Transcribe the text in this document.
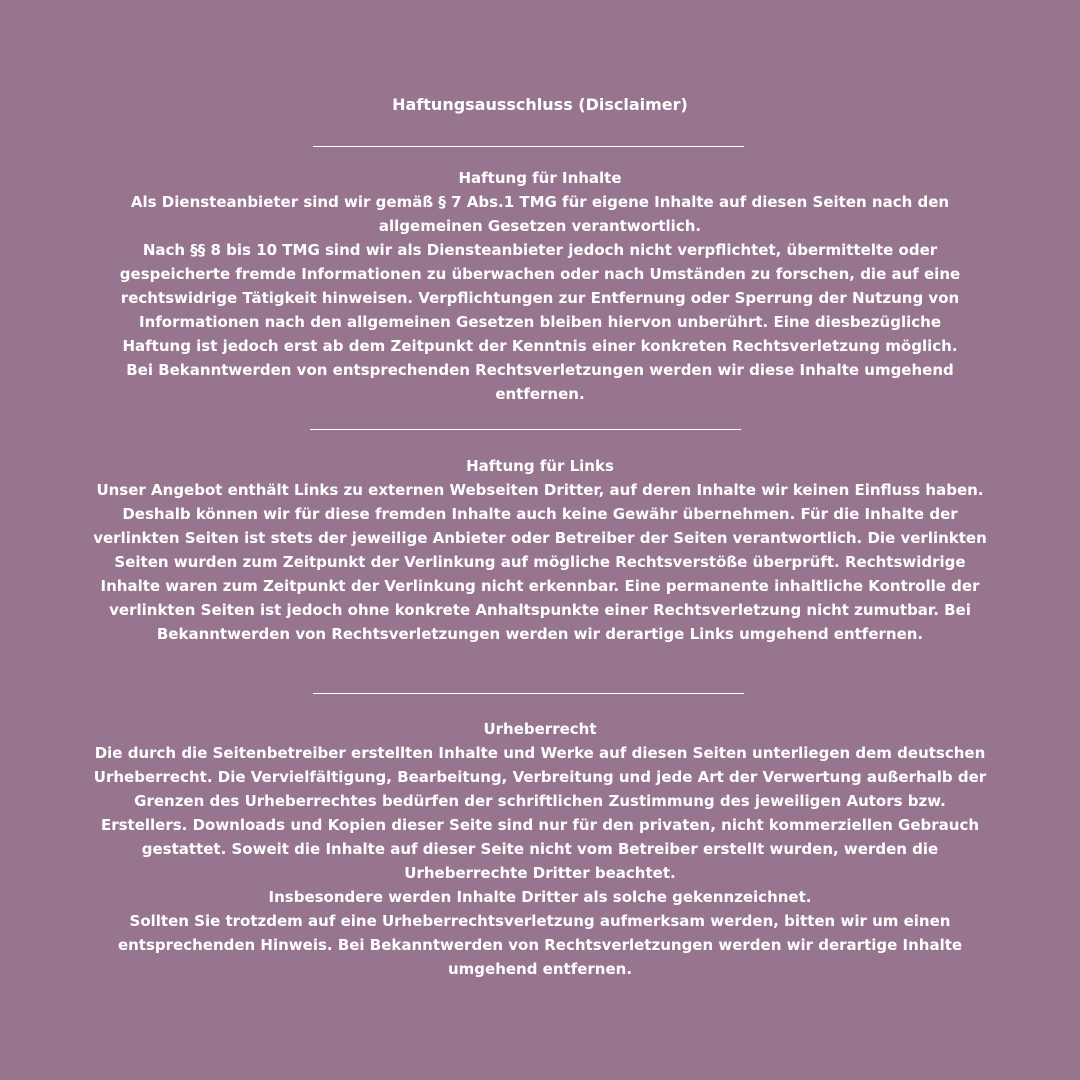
Haftungsausschluss (Disclaimer)
Haftung für Inhalte

Als Diensteanbieter sind wir gemäß § 7 Abs.1 TMG für eigene Inhalte auf diesen Seiten nach den allgemeinen Gesetzen verantwortlich.

Nach §§ 8 bis 10 TMG sind wir als Diensteanbieter jedoch nicht verpflichtet, übermittelte oder gespeicherte fremde Informationen zu überwachen oder nach Umständen zu forschen, die auf eine rechtswidrige Tätigkeit hinweisen. Verpflichtungen zur Entfernung oder Sperrung der Nutzung von Informationen nach den allgemeinen Gesetzen bleiben hiervon unberührt. Eine diesbezügliche Haftung ist jedoch erst ab dem Zeitpunkt der Kenntnis einer konkreten Rechtsverletzung möglich. Bei Bekanntwerden von entsprechenden Rechtsverletzungen werden wir diese Inhalte umgehend entfernen.

Haftung für Links

Unser Angebot enthält Links zu externen Webseiten Dritter, auf deren Inhalte wir keinen Einfluss haben. Deshalb können wir für diese fremden Inhalte auch keine Gewähr übernehmen. Für die Inhalte der verlinkten Seiten ist stets der jeweilige Anbieter oder Betreiber der Seiten verantwortlich. Die verlinkten Seiten wurden zum Zeitpunkt der Verlinkung auf mögliche Rechtsverstöße überprüft. Rechtswidrige Inhalte waren zum Zeitpunkt der Verlinkung nicht erkennbar. Eine permanente inhaltliche Kontrolle der verlinkten Seiten ist jedoch ohne konkrete Anhaltspunkte einer Rechtsverletzung nicht zumutbar. Bei Bekanntwerden von Rechtsverletzungen werden wir derartige Links umgehend entfernen.

Urheberrecht

Die durch die Seitenbetreiber erstellten Inhalte und Werke auf diesen Seiten unterliegen dem deutschen Urheberrecht. Die Vervielfältigung, Bearbeitung, Verbreitung und jede Art der Verwertung außerhalb der Grenzen des Urheberrechtes bedürfen der schriftlichen Zustimmung des jeweiligen Autors bzw. Erstellers. Downloads und Kopien dieser Seite sind nur für den privaten, nicht kommerziellen Gebrauch gestattet. Soweit die Inhalte auf dieser Seite nicht vom Betreiber erstellt wurden, werden die Urheberrechte Dritter beachtet.

Insbesondere werden Inhalte Dritter als solche gekennzeichnet.

Sollten Sie trotzdem auf eine Urheberrechtsverletzung aufmerksam werden, bitten wir um einen entsprechenden Hinweis. Bei Bekanntwerden von Rechtsverletzungen werden wir derartige Inhalte umgehend entfernen.
